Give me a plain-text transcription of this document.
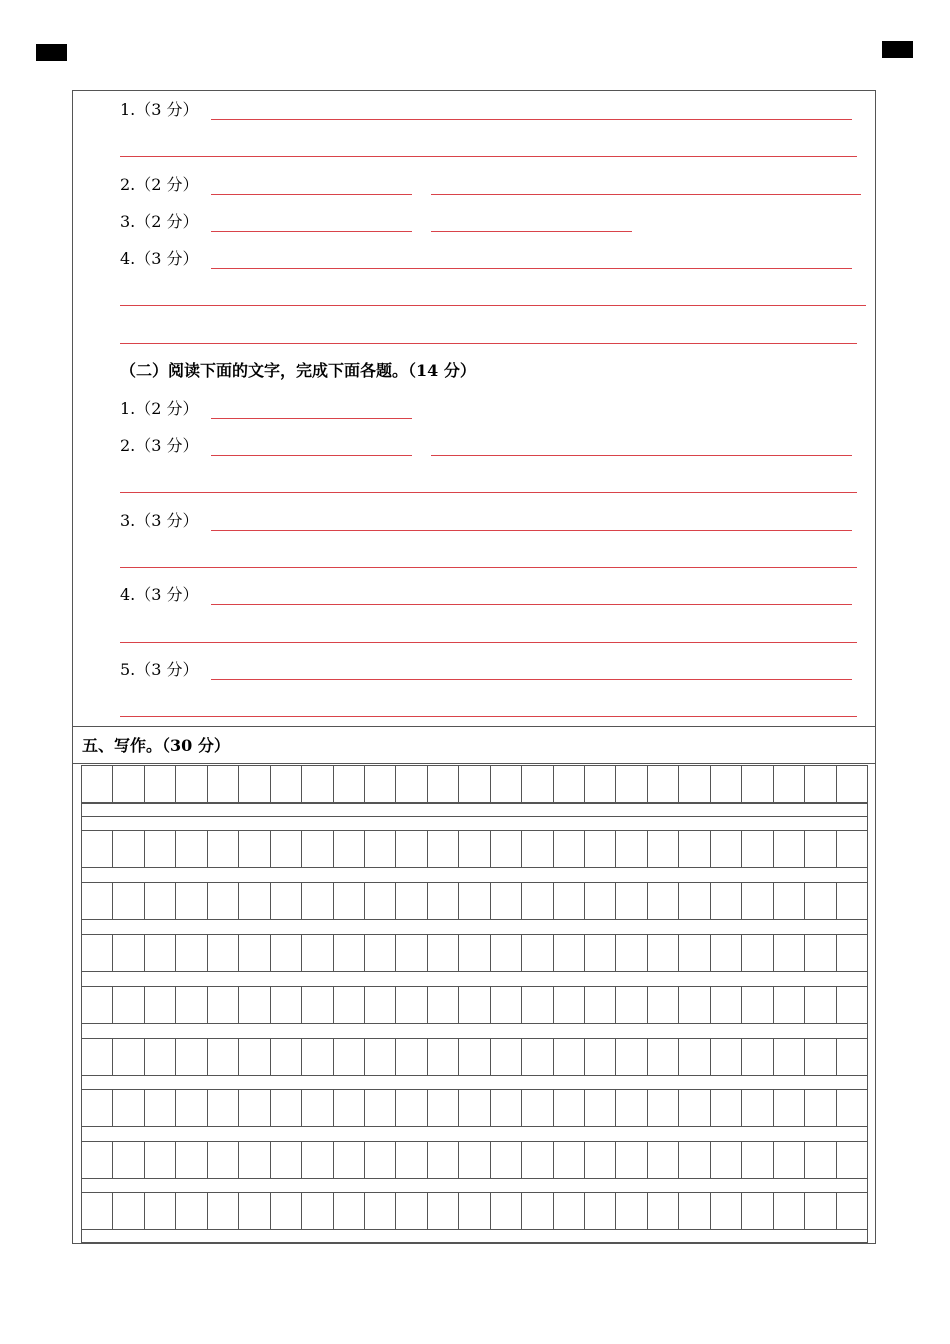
1.（3 分）
2.（2 分）
3.（2 分）
4.（3 分）
（二）阅读下面的文字，完成下面各题。（14 分）
1.（2 分）
2.（3 分）
3.（3 分）
4.（3 分）
5.（3 分）
五、写作。（30 分）
